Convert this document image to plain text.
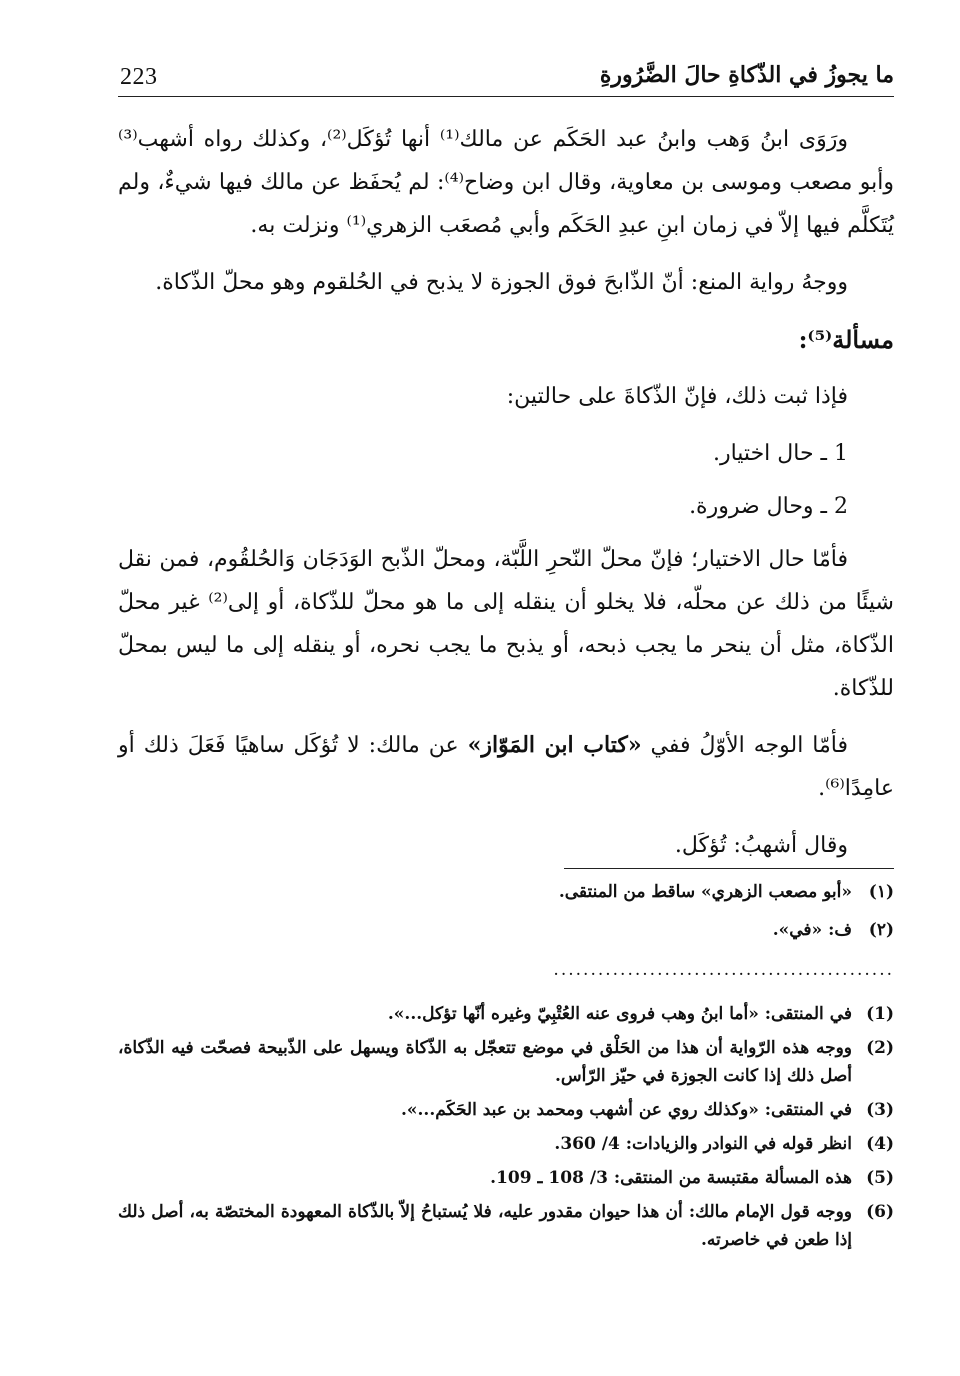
223	ما يجوزُ في الذّكاةِ حالَ الضَّرُورةِ

ورَوَى ابنُ وَهب وابنُ عبد الحَكَم عن مالك⁽¹⁾ أنها تُؤكَل⁽²⁾، وكذلك رواه أشهب⁽³⁾ وأبو مصعب وموسى بن معاوية، وقال ابن وضاح⁽⁴⁾: لم يُحفَظ عن مالك فيها شيءٌ، ولم يُتَكلَّم فيها إلاّ في زمان ابنِ عبدِ الحَكَم وأبي مُصعَب الزهري⁽¹⁾ ونزلت به.

ووجهُ رواية المنع: أنّ الذّابحَ فوق الجوزة لا يذبح في الحُلقوم وهو محلّ الذّكاة.

مسألة⁽⁵⁾:

فإذا ثبت ذلك، فإنّ الذّكاةَ على حالتين:

1 ـ حال اختيار.

2 ـ وحال ضرورة.

فأمّا حال الاختيار؛ فإنّ محلّ النّحرِ اللَّبّة، ومحلّ الذّبح الوَدَجَان وَالحُلقُوم، فمن نقل شيئًا من ذلك عن محلّه، فلا يخلو أن ينقله إلى ما هو محلّ للذّكاة، أو إلى⁽²⁾ غير محلّ الذّكاة، مثل أن ينحر ما يجب ذبحه، أو يذبح ما يجب نحره، أو ينقله إلى ما ليس بمحلّ للذّكاة.

فأمّا الوجه الأوّلُ ففي «كتاب ابن المَوّاز» عن مالك: لا تُؤكَل ساهيًا فَعَلَ ذلك أو عامِدًا⁽⁶⁾.

وقال أشهبُ: تُؤكَل.

(١)
«أبو مصعب الزهري» ساقط من المنتقى.
(٢)
ف: «في».
..............................................
(1)
في المنتقى: «أما ابنُ وهب فروى عنه العُتْبِيّ وغيره أنّها تؤكل...».
(2)
ووجه هذه الرّواية أن هذا من الحَلْق في موضع تتعجّل به الذّكاة ويسهل على الذّبيحة فصحّت فيه الذّكاة، أصل ذلك إذا كانت الجوزة في حيّز الرّأس.
(3)
في المنتقى: «وكذلك روي عن أشهب ومحمد بن عبد الحَكَم...».
(4)
انظر قوله في النوادر والزيادات: 4/ 360.
(5)
هذه المسألة مقتبسة من المنتقى: 3/ 108 ـ 109.
(6)
ووجه قول الإمام مالك: أن هذا حيوان مقدور عليه، فلا يُستباحُ إلاّ بالذّكاة المعهودة المختصّة به، أصل ذلك إذا طعن في خاصرته.
